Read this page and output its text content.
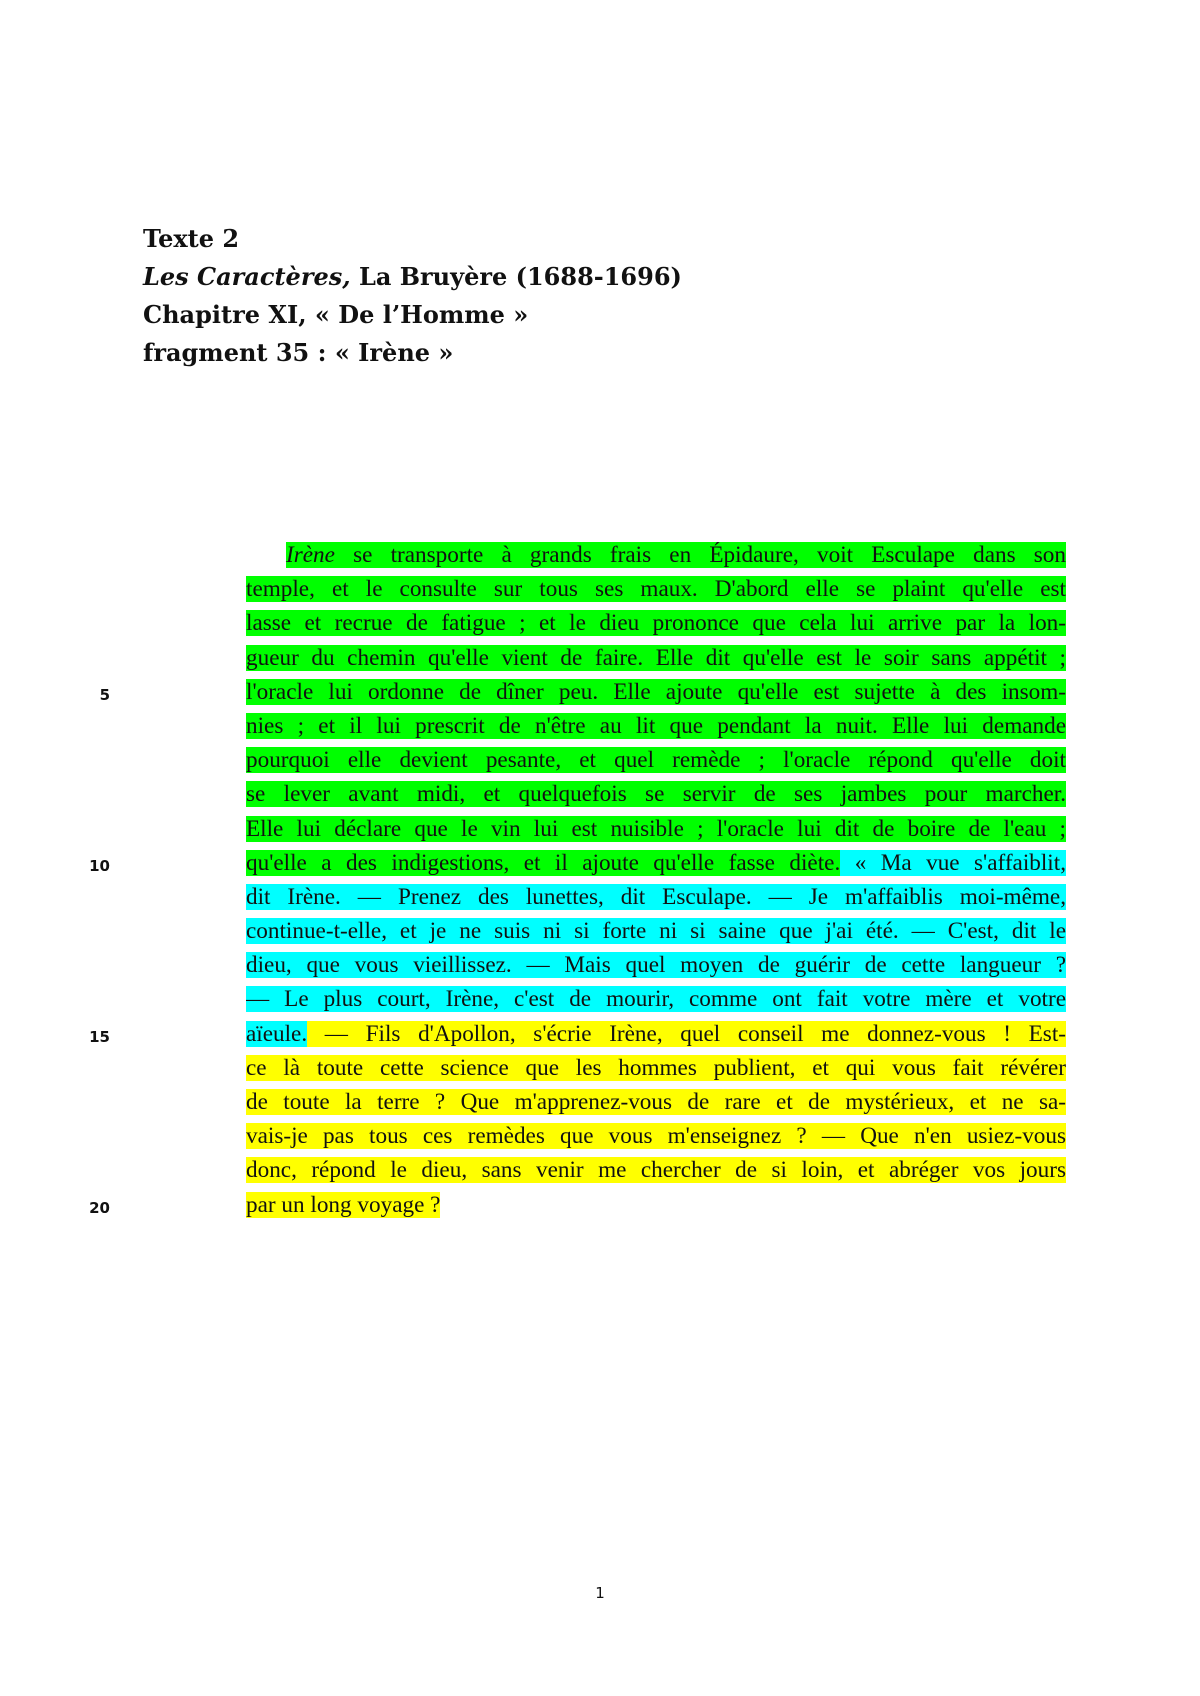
Texte 2
Les Caractères, La Bruyère (1688-1696)
Chapitre XI, « De l’Homme »
fragment 35 : « Irène »
5
10
15
20
Irène se transporte à grands frais en Épidaure, voit Esculape dans son
temple, et le consulte sur tous ses maux. D'abord elle se plaint qu'elle est
lasse et recrue de fatigue ; et le dieu prononce que cela lui arrive par la lon-
gueur du chemin qu'elle vient de faire. Elle dit qu'elle est le soir sans appétit ;
l'oracle lui ordonne de dîner peu. Elle ajoute qu'elle est sujette à des insom-
nies ; et il lui prescrit de n'être au lit que pendant la nuit. Elle lui demande
pourquoi elle devient pesante, et quel remède ; l'oracle répond qu'elle doit
se lever avant midi, et quelquefois se servir de ses jambes pour marcher.
Elle lui déclare que le vin lui est nuisible ; l'oracle lui dit de boire de l'eau ;
qu'elle a des indigestions, et il ajoute qu'elle fasse diète. « Ma vue s'affaiblit,
dit Irène. — Prenez des lunettes, dit Esculape. — Je m'affaiblis moi-même,
continue-t-elle, et je ne suis ni si forte ni si saine que j'ai été. — C'est, dit le
dieu, que vous vieillissez. — Mais quel moyen de guérir de cette langueur ?
— Le plus court, Irène, c'est de mourir, comme ont fait votre mère et votre
aïeule. — Fils d'Apollon, s'écrie Irène, quel conseil me donnez-vous ! Est-
ce là toute cette science que les hommes publient, et qui vous fait révérer
de toute la terre ? Que m'apprenez-vous de rare et de mystérieux, et ne sa-
vais-je pas tous ces remèdes que vous m'enseignez ? — Que n'en usiez-vous
donc, répond le dieu, sans venir me chercher de si loin, et abréger vos jours
par un long voyage ?
1
